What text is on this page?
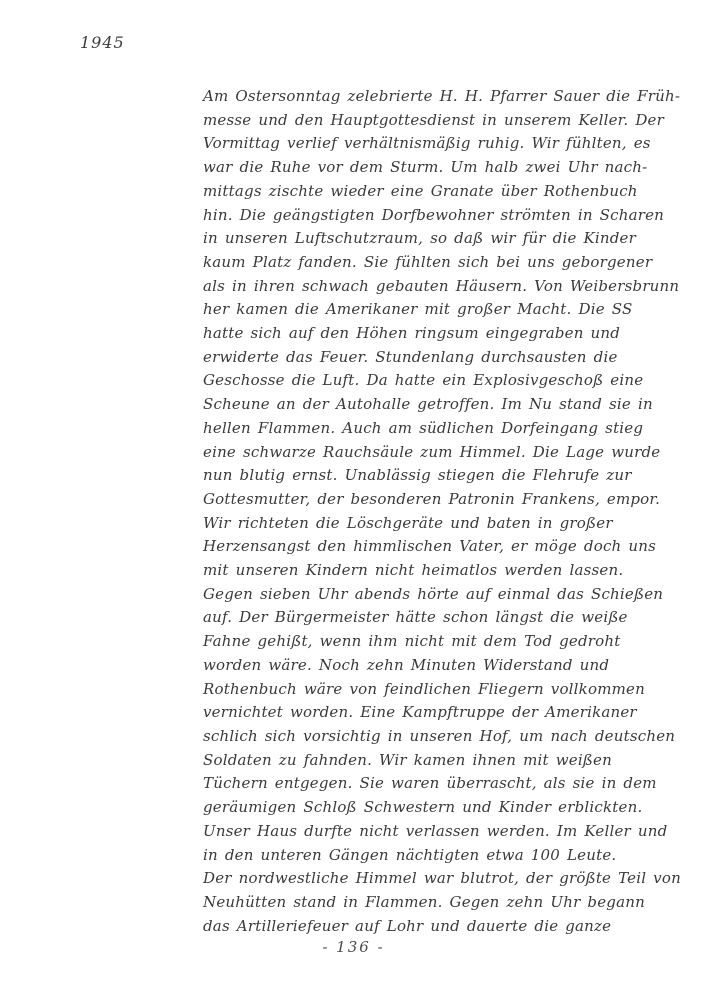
1945
Am Ostersonntag zelebrierte H. H. Pfarrer Sauer die Früh-
messe und den Hauptgottesdienst in unserem Keller. Der
Vormittag verlief verhältnismäßig ruhig. Wir fühlten, es
war die Ruhe vor dem Sturm. Um halb zwei Uhr nach-
mittags zischte wieder eine Granate über Rothenbuch
hin. Die geängstigten Dorfbewohner strömten in Scharen
in unseren Luftschutzraum, so daß wir für die Kinder
kaum Platz fanden. Sie fühlten sich bei uns geborgener
als in ihren schwach gebauten Häusern. Von Weibersbrunn
her kamen die Amerikaner mit großer Macht. Die SS
hatte sich auf den Höhen ringsum eingegraben und
erwiderte das Feuer. Stundenlang durchsausten die
Geschosse die Luft. Da hatte ein Explosivgeschoß eine
Scheune an der Autohalle getroffen. Im Nu stand sie in
hellen Flammen. Auch am südlichen Dorfeingang stieg
eine schwarze Rauchsäule zum Himmel. Die Lage wurde
nun blutig ernst. Unablässig stiegen die Flehrufe zur
Gottesmutter, der besonderen Patronin Frankens, empor.
Wir richteten die Löschgeräte und baten in großer
Herzensangst den himmlischen Vater, er möge doch uns
mit unseren Kindern nicht heimatlos werden lassen.
Gegen sieben Uhr abends hörte auf einmal das Schießen
auf. Der Bürgermeister hätte schon längst die weiße
Fahne gehißt, wenn ihm nicht mit dem Tod gedroht
worden wäre. Noch zehn Minuten Widerstand und
Rothenbuch wäre von feindlichen Fliegern vollkommen
vernichtet worden. Eine Kampftruppe der Amerikaner
schlich sich vorsichtig in unseren Hof, um nach deutschen
Soldaten zu fahnden. Wir kamen ihnen mit weißen
Tüchern entgegen. Sie waren überrascht, als sie in dem
geräumigen Schloß Schwestern und Kinder erblickten.
Unser Haus durfte nicht verlassen werden. Im Keller und
in den unteren Gängen nächtigten etwa 100 Leute.
Der nordwestliche Himmel war blutrot, der größte Teil von
Neuhütten stand in Flammen. Gegen zehn Uhr begann
das Artilleriefeuer auf Lohr und dauerte die ganze
- 136 -
